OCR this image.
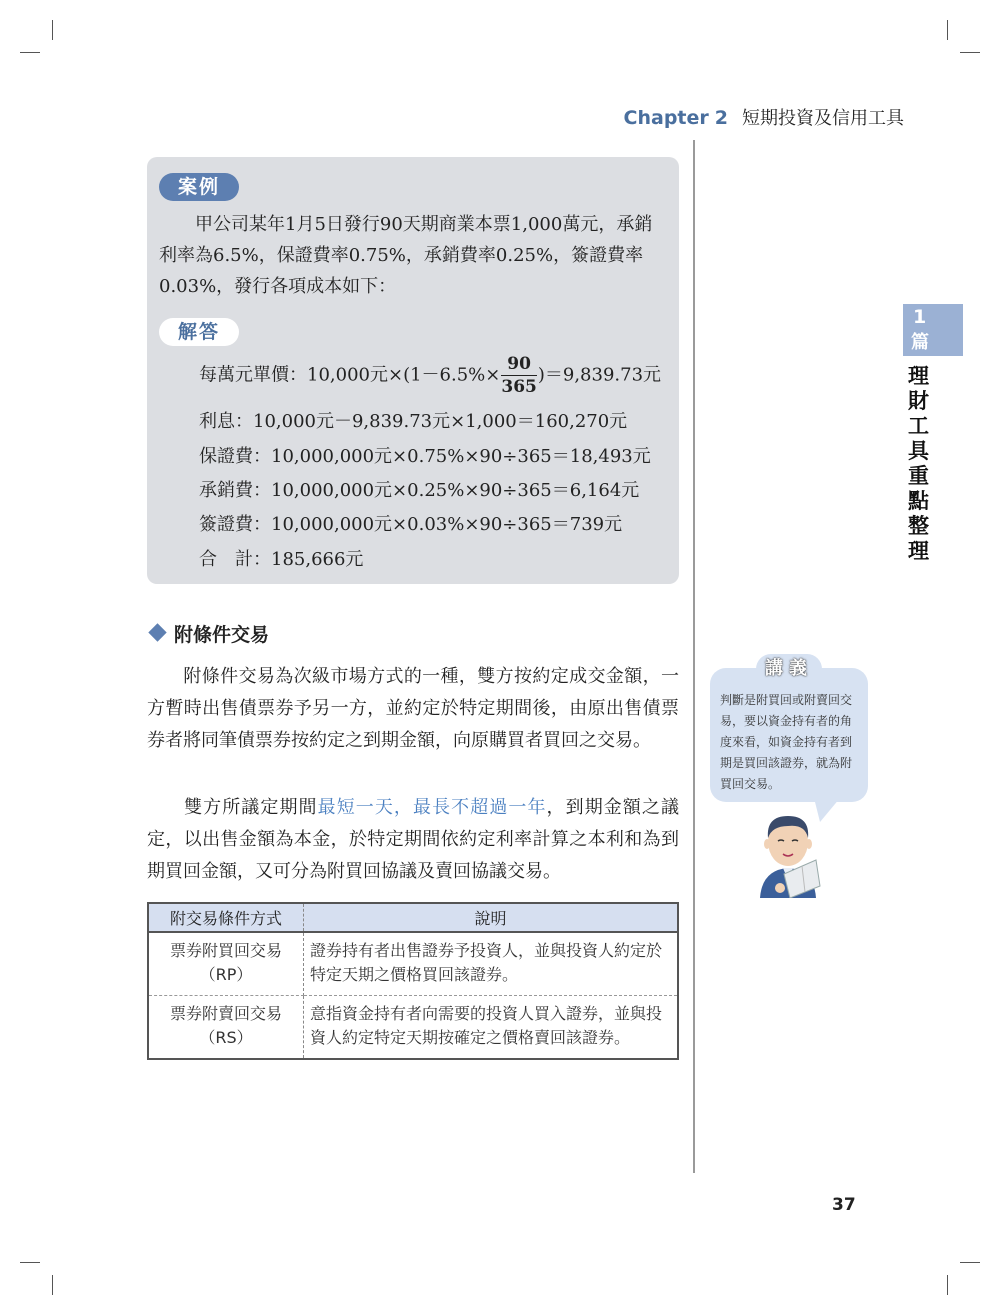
Chapter 2 短期投資及信用工具
案例
甲公司某年1月5日發行90天期商業本票1,000萬元，承銷利率為6.5%，保證費率0.75%，承銷費率0.25%，簽證費率0.03%，發行各項成本如下：
解答
每萬元單價：10,000元$\times(1-6.5\%\times \frac{90}{365} )=9,839.73$元
利息：10,000元－9,839.73元×1,000＝160,270元
保證費：10,000,000元×0.75%×90÷365＝18,493元
承銷費：10,000,000元×0.25%×90÷365＝6,164元
簽證費：10,000,000元×0.03%×90÷365＝739元
合　計：185,666元
附條件交易
附條件交易為次級市場方式的一種，雙方按約定成交金額，一方暫時出售債票券予另一方，並約定於特定期間後，由原出售債票券者將同筆債票券按約定之到期金額，向原購買者買回之交易。
雙方所議定期間最短一天，最長不超過一年，到期金額之議定，以出售金額為本金，於特定期間依約定利率計算之本利和為到期買回金額，又可分為附買回協議及賣回協議交易。
附交易條件方式	說明

票券附買回交易
（RP）	證券持有者出售證券予投資人，並與投資人約定於特定天期之價格買回該證券。

票券附賣回交易
（RS）	意指資金持有者向需要的投資人買入證券，並與投資人約定特定天期按確定之價格賣回該證券。
1
篇
理財工具重點整理
講義
判斷是附買回或附賣回交易，要以資金持有者的角度來看，如資金持有者到期是買回該證券，就為附買回交易。
37
